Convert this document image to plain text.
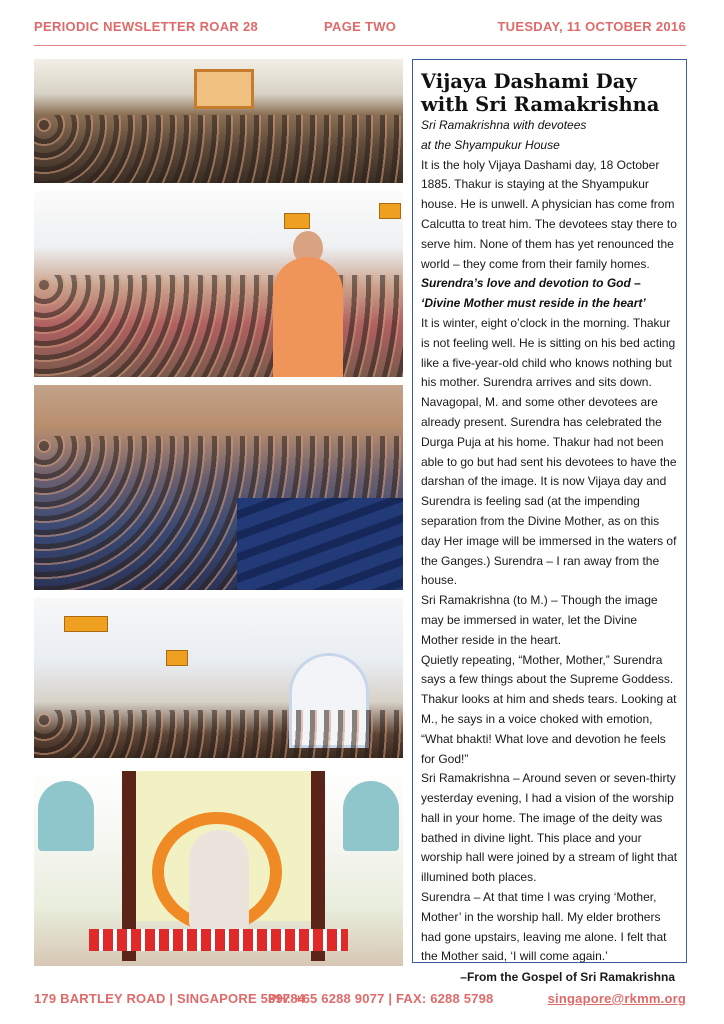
PERIODIC NEWSLETTER ROAR 28	PAGE TWO	TUESDAY, 11 OCTOBER 2016
Vijaya Dashami Day with Sri Ramakrishna
Sri Ramakrishna with devotees
at the Shyampukur House
It is the holy Vijaya Dashami day, 18 October 1885. Thakur is staying at the Shyampukur house. He is unwell. A physician has come from Calcutta to treat him. The devotees stay there to serve him. None of them has yet renounced the world – they come from their family homes.
Surendra’s love and devotion to God –
‘Divine Mother must reside in the heart’
It is winter, eight o’clock in the morning. Thakur is not feeling well. He is sitting on his bed acting like a five-year-old child who knows nothing but his mother. Surendra arrives and sits down. Navagopal, M. and some other devotees are already present. Surendra has celebrated the Durga Puja at his home. Thakur had not been able to go but had sent his devotees to have the darshan of the image. It is now Vijaya day and Surendra is feeling sad (at the impending separation from the Divine Mother, as on this day Her image will be immersed in the waters of the Ganges.) Surendra – I ran away from the house.
Sri Ramakrishna (to M.) – Though the image may be immersed in water, let the Divine
Mother reside in the heart.
Quietly repeating, “Mother, Mother,” Surendra says a few things about the Supreme Goddess.
Thakur looks at him and sheds tears. Looking at M., he says in a voice choked with emotion,
“What bhakti! What love and devotion he feels for God!”
Sri Ramakrishna – Around seven or seven-thirty yesterday evening, I had a vision of the worship hall in your home. The image of the deity was bathed in divine light. This place and your worship hall were joined by a stream of light that illumined both places.
Surendra – At that time I was crying ‘Mother, Mother’ in the worship hall. My elder brothers had gone upstairs, leaving me alone. I felt that the Mother said, ‘I will come again.’
–From the Gospel of Sri Ramakrishna
179 BARTLEY ROAD | SINGAPORE 539784
PH: +65 6288 9077 | FAX: 6288 5798	singapore@rkmm.org
